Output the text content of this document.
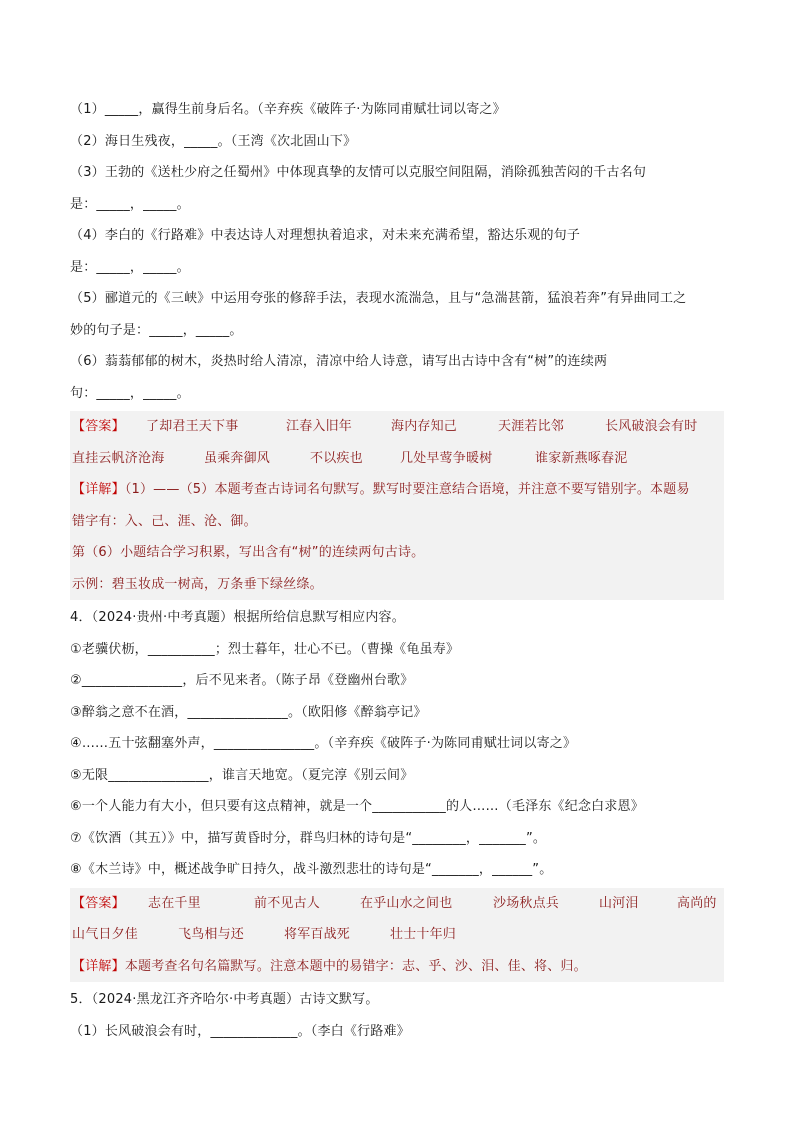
（1）_____，赢得生前身后名。（辛弃疾《破阵子·为陈同甫赋壮词以寄之》
（2）海日生残夜，_____。（王湾《次北固山下》
（3）王勃的《送杜少府之任蜀州》中体现真挚的友情可以克服空间阻隔，消除孤独苦闷的千古名句
是：_____，_____。
（4）李白的《行路难》中表达诗人对理想执着追求，对未来充满希望，豁达乐观的句子
是：_____，_____。
（5）郦道元的《三峡》中运用夸张的修辞手法，表现水流湍急，且与“急湍甚箭，猛浪若奔”有异曲同工之
妙的句子是：_____，_____。
（6）蓊蓊郁郁的树木，炎热时给人清凉，清凉中给人诗意，请写出古诗中含有“树”的连续两
句：_____，_____。
【答案】	了却君王天下事	江春入旧年	海内存知己	天涯若比邻	长风破浪会有时
直挂云帆济沧海	虽乘奔御风	不以疾也	几处早莺争暖树	谁家新燕啄春泥
【详解】（1）——（5）本题考查古诗词名句默写。默写时要注意结合语境，并注意不要写错别字。本题易
错字有：入、己、涯、沧、御。
第（6）小题结合学习积累，写出含有“树”的连续两句古诗。
示例：碧玉妆成一树高，万条垂下绿丝绦。
4．（2024·贵州·中考真题）根据所给信息默写相应内容。
①老骥伏枥，__________；烈士暮年，壮心不已。（曹操《龟虽寿》
②_______________，后不见来者。（陈子昂《登幽州台歌》
③醉翁之意不在酒，_______________。（欧阳修《醉翁亭记》
④……五十弦翻塞外声，_______________。（辛弃疾《破阵子·为陈同甫赋壮词以寄之》
⑤无限_______________，谁言天地宽。（夏完淳《别云间》
⑥一个人能力有大小，但只要有这点精神，就是一个___________的人……（毛泽东《纪念白求恩》
⑦《饮酒（其五）》中，描写黄昏时分，群鸟归林的诗句是“________，_______”。
⑧《木兰诗》中，概述战争旷日持久，战斗激烈悲壮的诗句是“_______，______”。
【答案】	志在千里	前不见古人	在乎山水之间也	沙场秋点兵	山河泪	高尚的
山气日夕佳	飞鸟相与还	将军百战死	壮士十年归
【详解】本题考查名句名篇默写。注意本题中的易错字：志、乎、沙、泪、佳、将、归。
5．（2024·黑龙江齐齐哈尔·中考真题）古诗文默写。
（1）长风破浪会有时，_____________。（李白《行路难》
